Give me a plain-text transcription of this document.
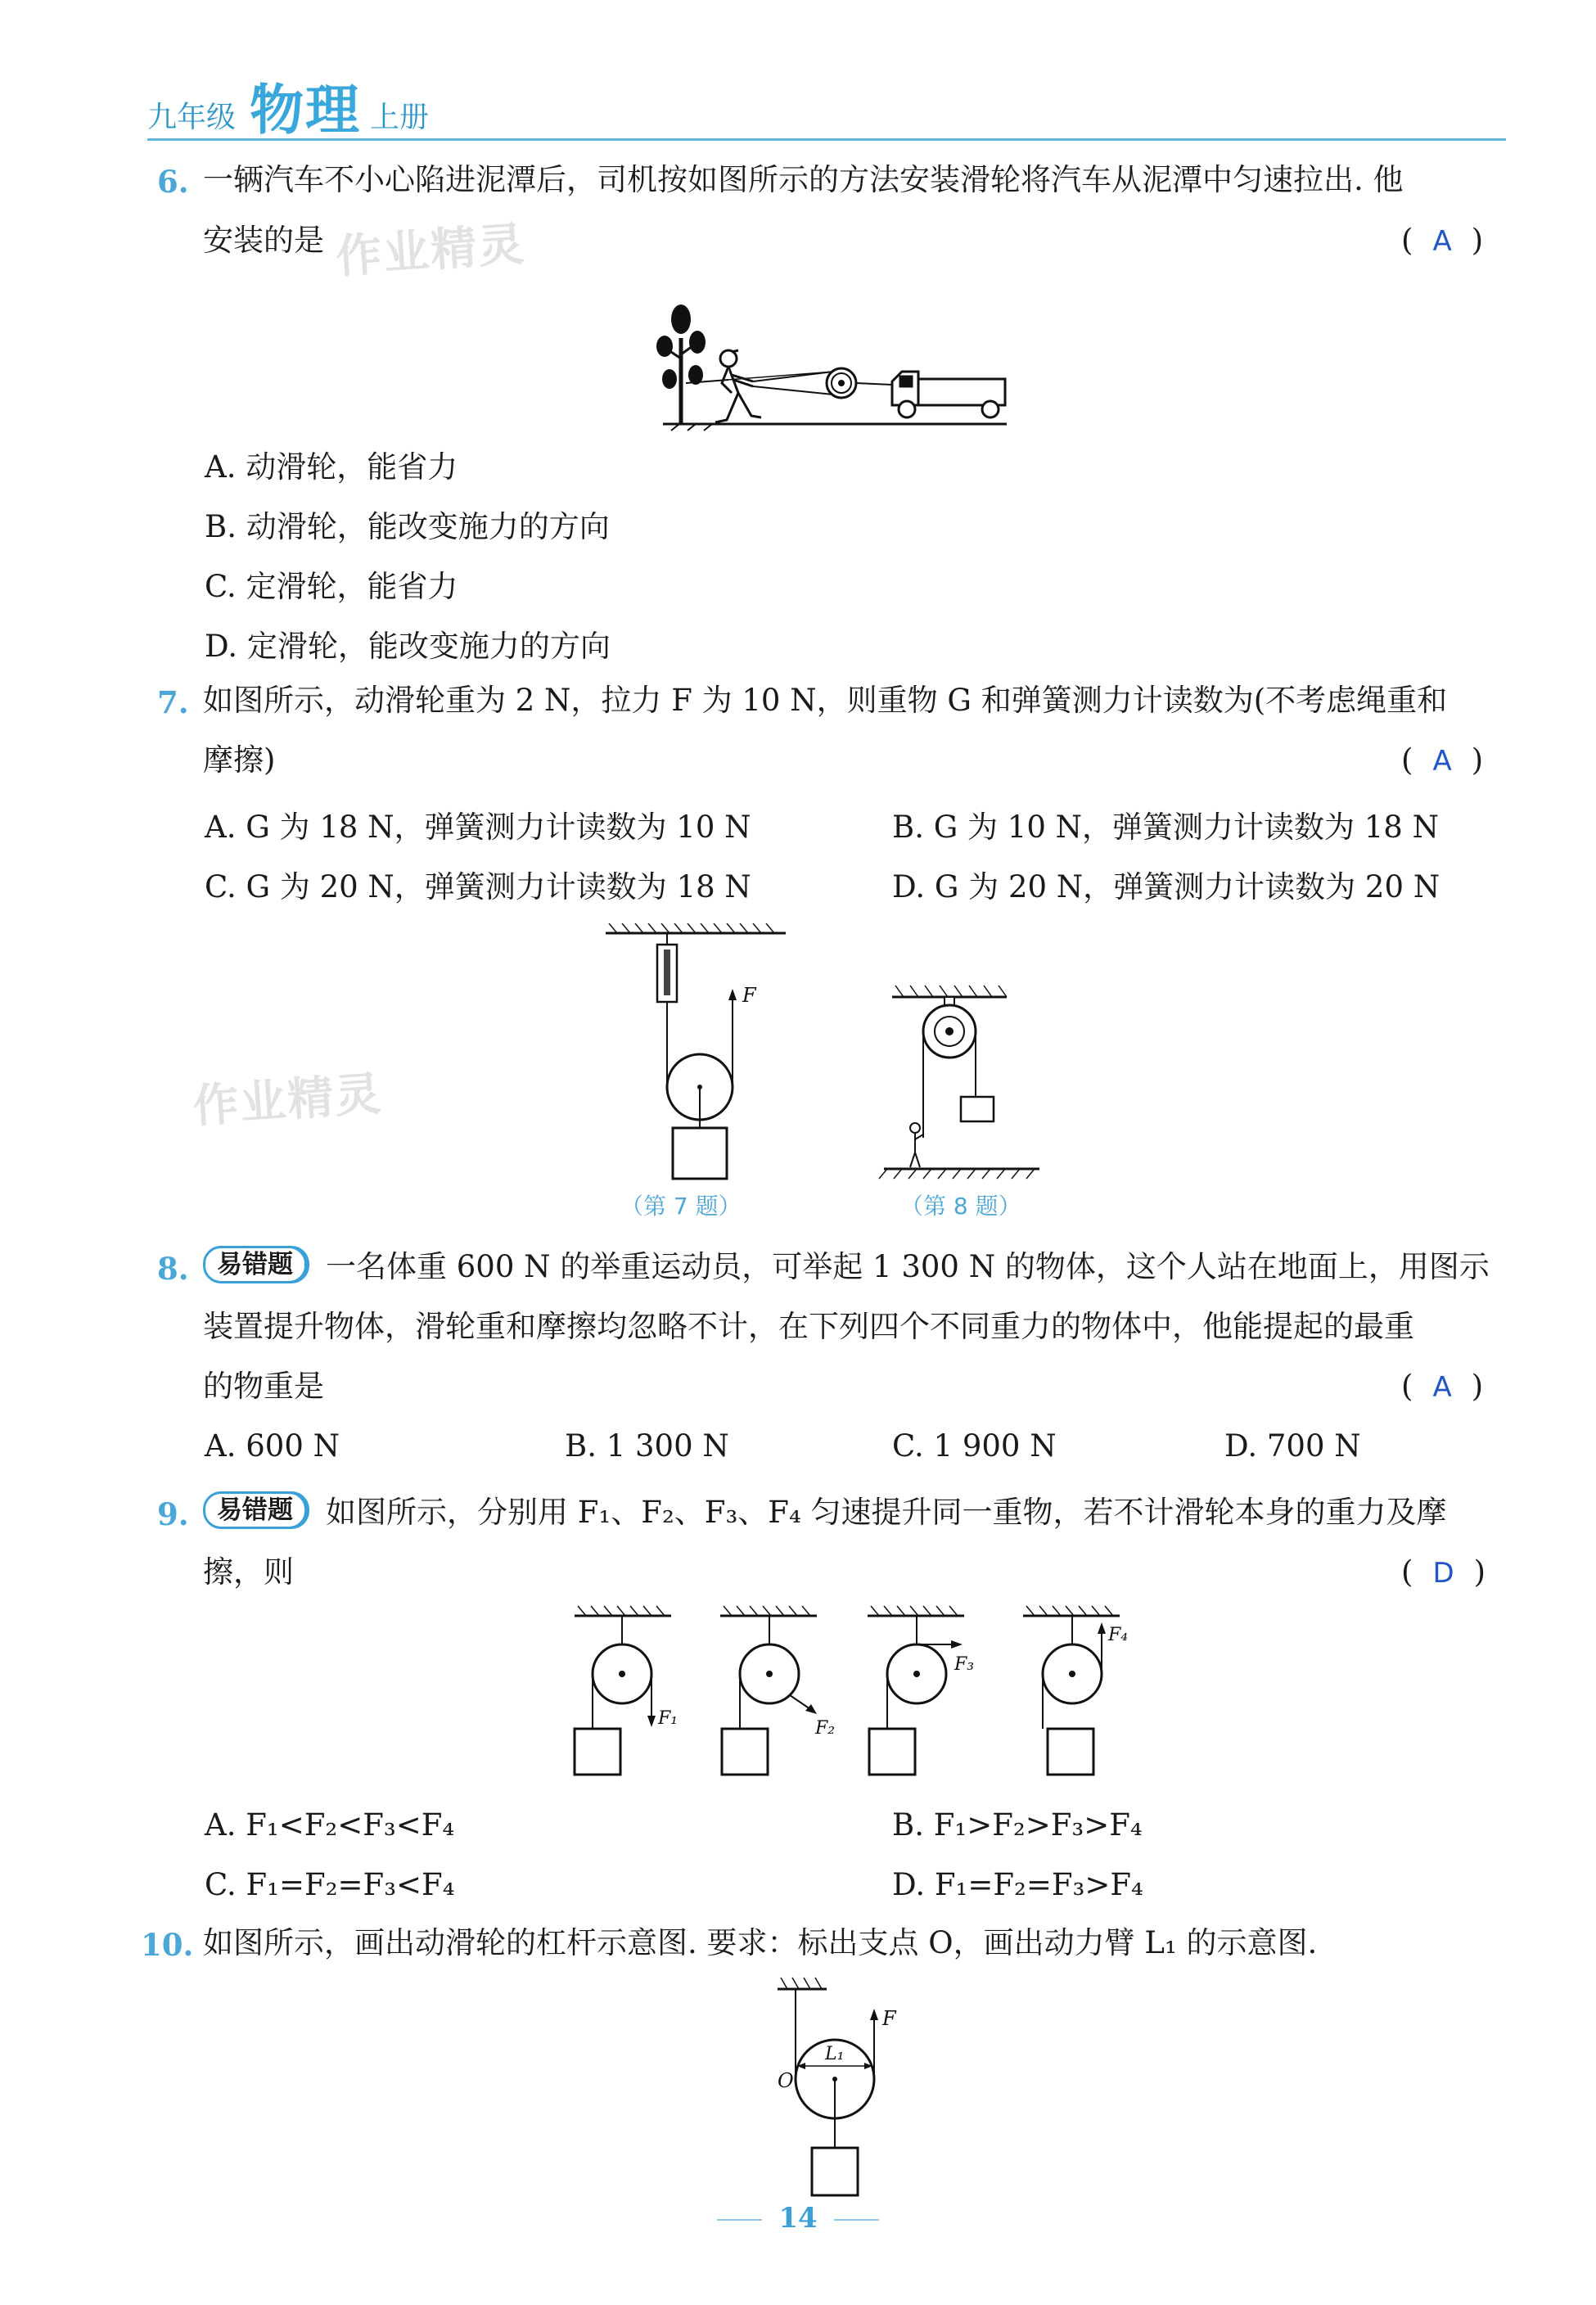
九年级 物理 上册
6. 一辆汽车不小心陷进泥潭后，司机按如图所示的方法安装滑轮将汽车从泥潭中匀速拉出. 他
安装的是 作业精灵	( A )
A. 动滑轮，能省力
B. 动滑轮，能改变施力的方向
C. 定滑轮，能省力
D. 定滑轮，能改变施力的方向
7. 如图所示，动滑轮重为 2 N，拉力 F 为 10 N，则重物 G 和弹簧测力计读数为(不考虑绳重和
摩擦)	( A )
A. G 为 18 N，弹簧测力计读数为 10 N	B. G 为 10 N，弹簧测力计读数为 18 N
C. G 为 20 N，弹簧测力计读数为 18 N	D. G 为 20 N，弹簧测力计读数为 20 N
作业精灵
F
（第 7 题）	（第 8 题）
8.	易错题	一名体重 600 N 的举重运动员，可举起 1 300 N 的物体，这个人站在地面上，用图示
装置提升物体，滑轮重和摩擦均忽略不计，在下列四个不同重力的物体中，他能提起的最重
的物重是	( A )
A. 600 N	B. 1 300 N	C. 1 900 N	D. 700 N
9.	易错题	如图所示，分别用 F₁、F₂、F₃、F₄ 匀速提升同一重物，若不计滑轮本身的重力及摩
擦，则	( D )
F₁	F₂
F₃
F₄
A. F₁<F₂<F₃<F₄	B. F₁>F₂>F₃>F₄
C. F₁=F₂=F₃<F₄	D. F₁=F₂=F₃>F₄
10. 如图所示，画出动滑轮的杠杆示意图. 要求：标出支点 O，画出动力臂 L₁ 的示意图.
F
L₁
O
14
